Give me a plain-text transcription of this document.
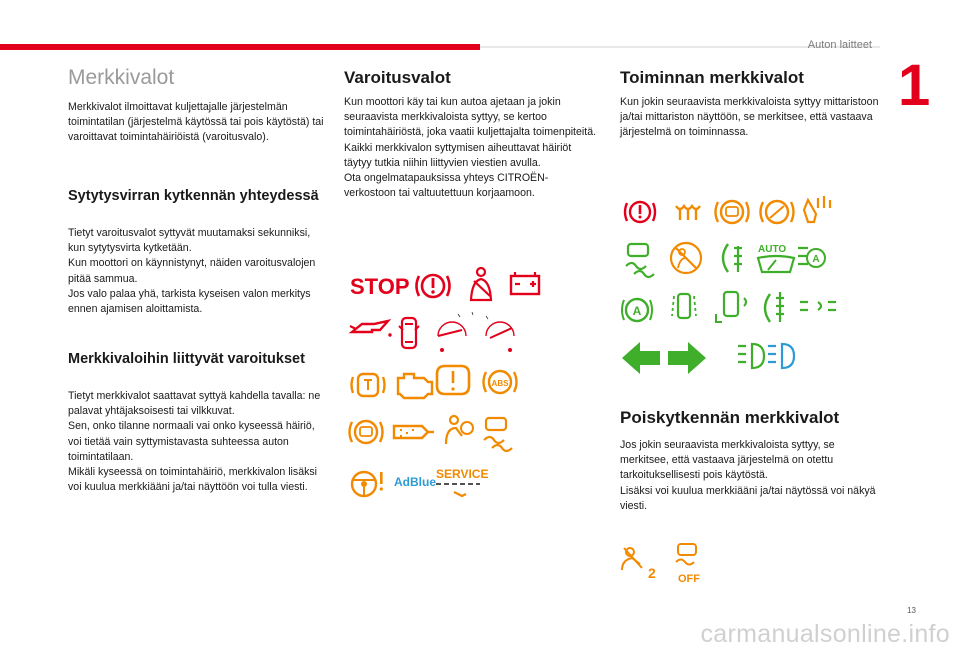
Auton laitteet
1
Merkkivalot
Merkkivalot ilmoittavat kuljettajalle järjestelmän toimintatilan (järjestelmä käytössä tai pois käytöstä) tai varoittavat toimintahäiriöistä (varoitusvalo).
Sytytysvirran kytkennän yhteydessä
Tietyt varoitusvalot syttyvät muutamaksi sekunniksi, kun sytytysvirta kytketään.
Kun moottori on käynnistynyt, näiden varoitusvalojen pitää sammua.
Jos valo palaa yhä, tarkista kyseisen valon merkitys ennen ajamisen aloittamista.
Merkkivaloihin liittyvät varoitukset
Tietyt merkkivalot saattavat syttyä kahdella tavalla: ne palavat yhtäjaksoisesti tai vilkkuvat.
Sen, onko tilanne normaali vai onko kyseessä häiriö, voi tietää vain syttymistavasta suhteessa auton toimintatilaan.
Mikäli kyseessä on toimintahäiriö, merkkivalon lisäksi voi kuulua merkkiääni ja/tai näyttöön voi tulla viesti.
Varoitusvalot
Kun moottori käy tai kun autoa ajetaan ja jokin seuraavista merkkivaloista syttyy, se kertoo toimintahäiriöstä, joka vaatii kuljettajalta toimenpiteitä.
Kaikki merkkivalon syttymisen aiheuttavat häiriöt täytyy tutkia niihin liittyvien viestien avulla.
Ota ongelmatapauksissa yhteys CITROËN-verkostoon tai valtuutettuun korjaamoon.
STOP
ABS
AdBlue
SERVICE
Toiminnan merkkivalot
Kun jokin seuraavista merkkivaloista syttyy mittaristoon ja/tai mittariston näyttöön, se merkitsee, että vastaava järjestelmä on toiminnassa.
AUTO
A
A
Poiskytkennän merkkivalot
Jos jokin seuraavista merkkivaloista syttyy, se merkitsee, että vastaava järjestelmä on otettu tarkoituksellisesti pois käytöstä.
Lisäksi voi kuulua merkkiääni ja/tai näytössä voi näkyä viesti.
2 OFF
13
carmanualsonline.info
